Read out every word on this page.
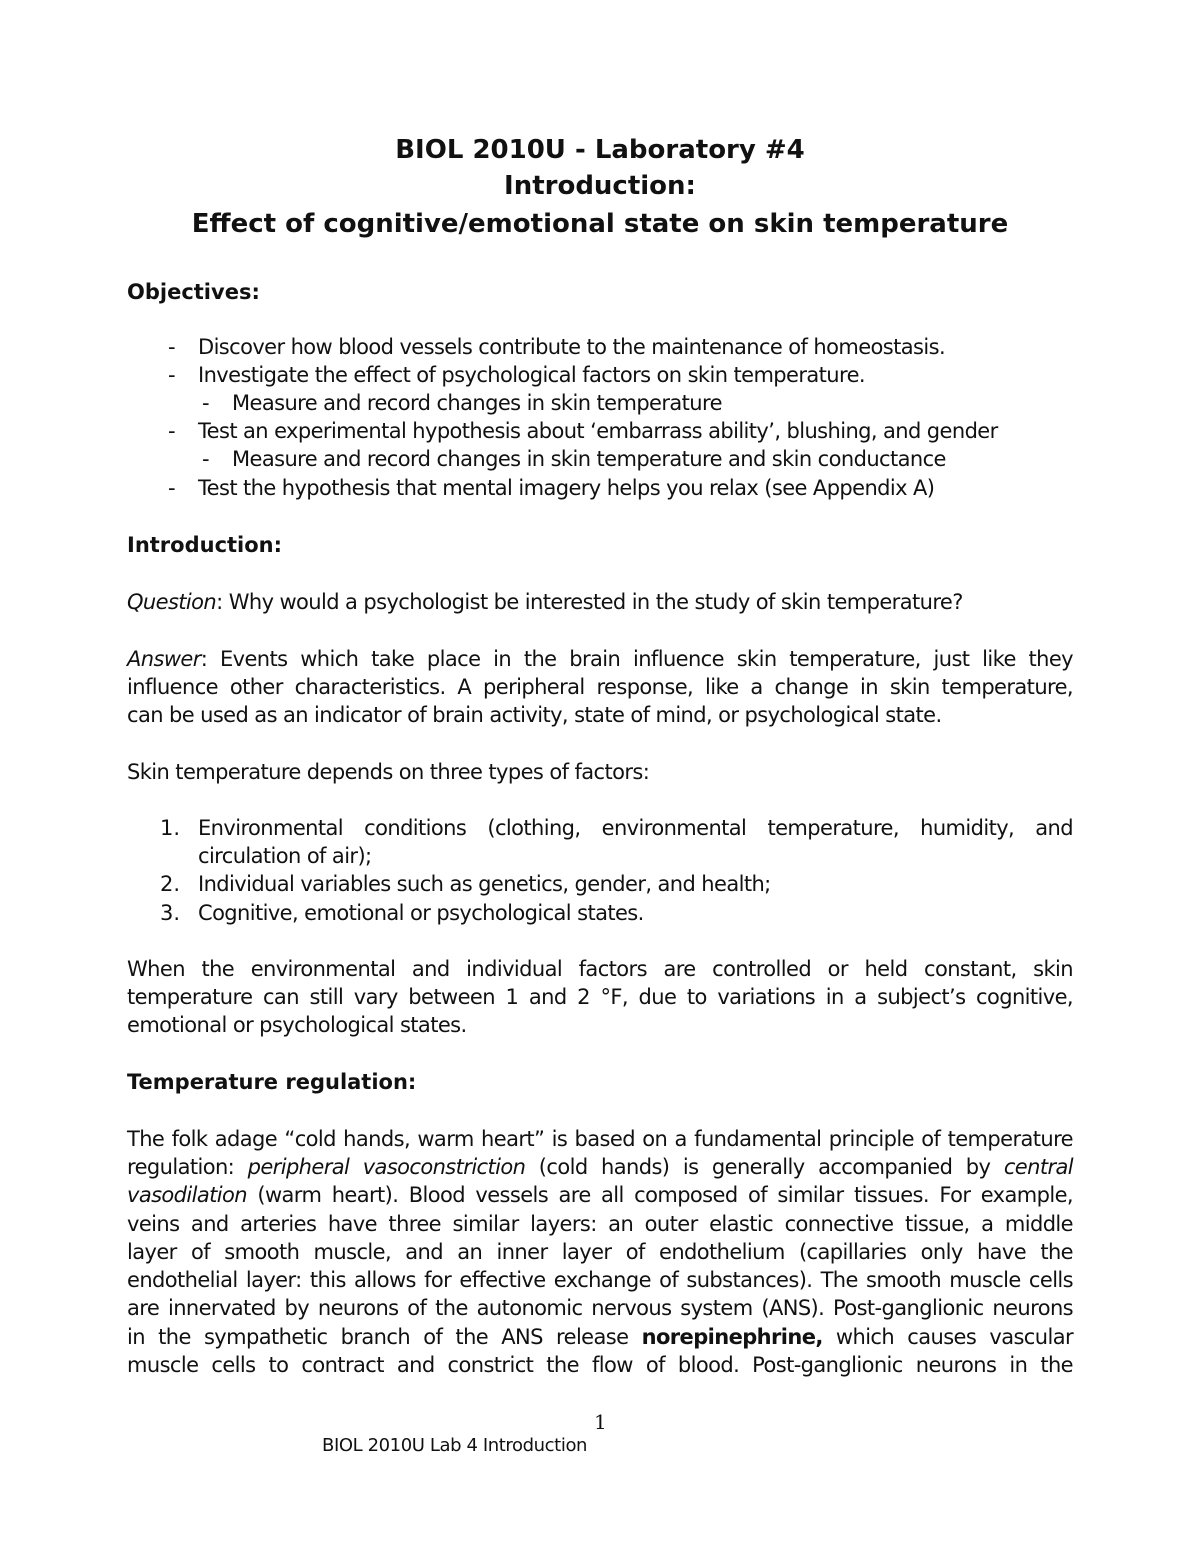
BIOL 2010U - Laboratory #4
Introduction:
Effect of cognitive/emotional state on skin temperature
Objectives:
- Discover how blood vessels contribute to the maintenance of homeostasis.
- Investigate the effect of psychological factors on skin temperature.
- Measure and record changes in skin temperature
- Test an experimental hypothesis about ‘embarrass ability’, blushing, and gender
- Measure and record changes in skin temperature and skin conductance
- Test the hypothesis that mental imagery helps you relax (see Appendix A)
Introduction:
Question: Why would a psychologist be interested in the study of skin temperature?
Answer: Events which take place in the brain influence skin temperature, just like they
influence other characteristics. A peripheral response, like a change in skin temperature,
can be used as an indicator of brain activity, state of mind, or psychological state.
Skin temperature depends on three types of factors:
1. Environmental conditions (clothing, environmental temperature, humidity, and
circulation of air);
2. Individual variables such as genetics, gender, and health;
3. Cognitive, emotional or psychological states.
When the environmental and individual factors are controlled or held constant, skin
temperature can still vary between 1 and 2 °F, due to variations in a subject’s cognitive,
emotional or psychological states.
Temperature regulation:
The folk adage “cold hands, warm heart” is based on a fundamental principle of temperature
regulation: peripheral vasoconstriction (cold hands) is generally accompanied by central
vasodilation (warm heart). Blood vessels are all composed of similar tissues. For example,
veins and arteries have three similar layers: an outer elastic connective tissue, a middle
layer of smooth muscle, and an inner layer of endothelium (capillaries only have the
endothelial layer: this allows for effective exchange of substances). The smooth muscle cells
are innervated by neurons of the autonomic nervous system (ANS). Post-ganglionic neurons
in the sympathetic branch of the ANS release norepinephrine, which causes vascular
muscle cells to contract and constrict the flow of blood. Post-ganglionic neurons in the
1
BIOL 2010U Lab 4 Introduction
